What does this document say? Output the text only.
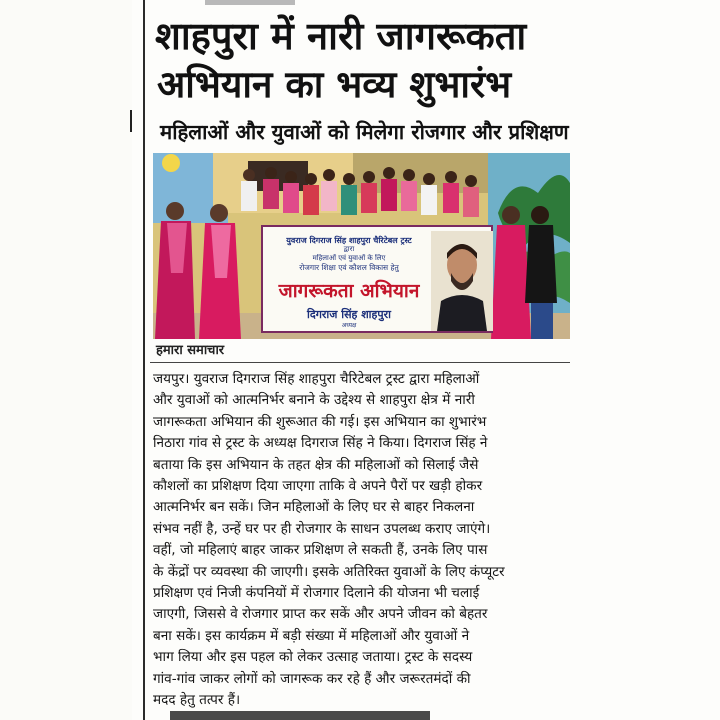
शाहपुरा में नारी जागरूकता
अभियान का भव्य शुभारंभ
महिलाओं और युवाओं को मिलेगा रोजगार और प्रशिक्षण
युवराज दिगराज सिंह शाहपुरा चैरिटेबल ट्रस्ट
द्वारा
महिलाओं एवं युवाओं के लिए
रोजगार शिक्षा एवं कौशल विकास हेतु
जागरूकता अभियान
दिगराज सिंह शाहपुरा
अध्यक्ष
हमारा समाचार
जयपुर। युवराज दिगराज सिंह शाहपुरा चैरिटेबल ट्रस्ट द्वारा महिलाओं
और युवाओं को आत्मनिर्भर बनाने के उद्देश्य से शाहपुरा क्षेत्र में नारी
जागरूकता अभियान की शुरूआत की गई। इस अभियान का शुभारंभ
निठारा गांव से ट्रस्ट के अध्यक्ष दिगराज सिंह ने किया। दिगराज सिंह ने
बताया कि इस अभियान के तहत क्षेत्र की महिलाओं को सिलाई जैसे
कौशलों का प्रशिक्षण दिया जाएगा ताकि वे अपने पैरों पर खड़ी होकर
आत्मनिर्भर बन सकें। जिन महिलाओं के लिए घर से बाहर निकलना
संभव नहीं है, उन्हें घर पर ही रोजगार के साधन उपलब्ध कराए जाएंगे।
वहीं, जो महिलाएं बाहर जाकर प्रशिक्षण ले सकती हैं, उनके लिए पास
के केंद्रों पर व्यवस्था की जाएगी। इसके अतिरिक्त युवाओं के लिए कंप्यूटर
प्रशिक्षण एवं निजी कंपनियों में रोजगार दिलाने की योजना भी चलाई
जाएगी, जिससे वे रोजगार प्राप्त कर सकें और अपने जीवन को बेहतर
बना सकें। इस कार्यक्रम में बड़ी संख्या में महिलाओं और युवाओं ने
भाग लिया और इस पहल को लेकर उत्साह जताया। ट्रस्ट के सदस्य
गांव-गांव जाकर लोगों को जागरूक कर रहे हैं और जरूरतमंदों की
मदद हेतु तत्पर हैं।
